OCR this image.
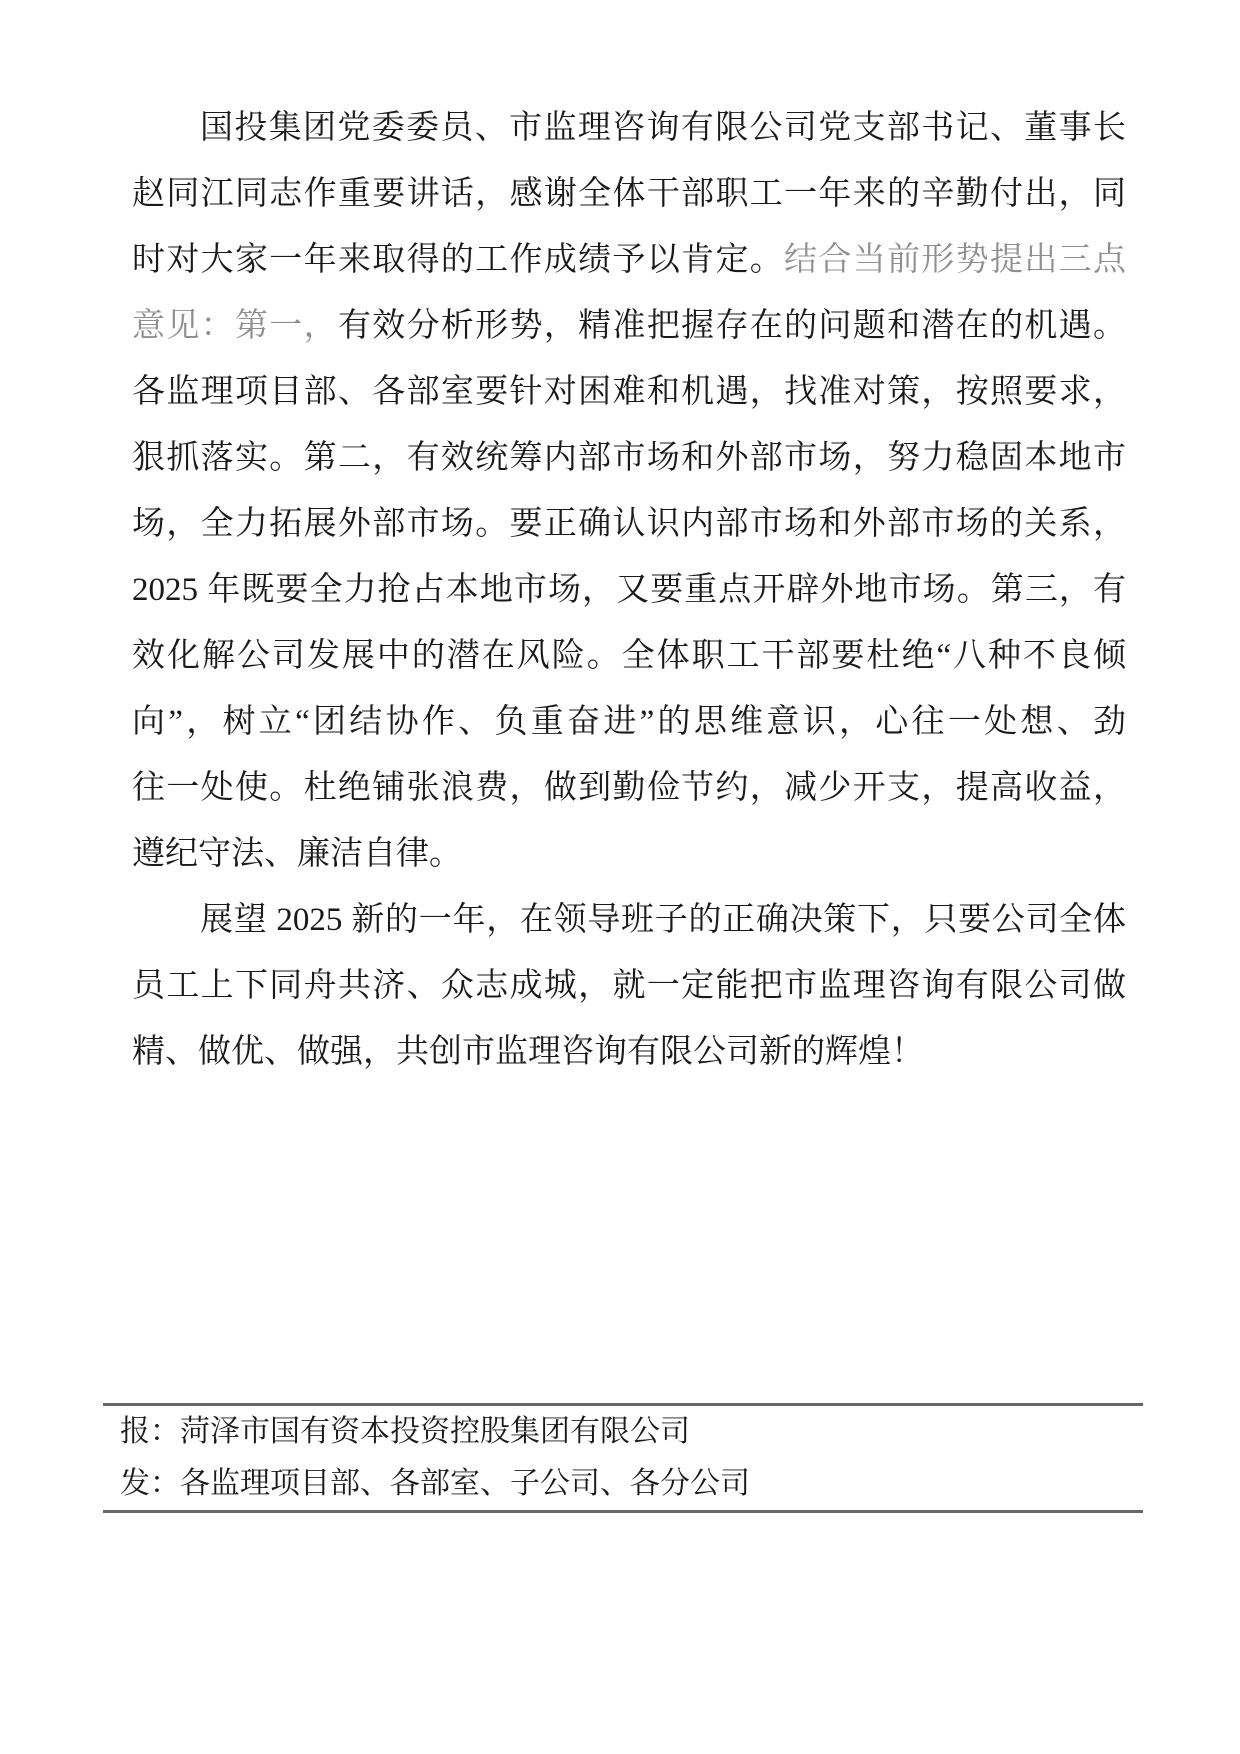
国投集团党委委员、市监理咨询有限公司党支部书记、董事长
赵同江同志作重要讲话，感谢全体干部职工一年来的辛勤付出，同
时对大家一年来取得的工作成绩予以肯定。结合当前形势提出三点
意见：第一，有效分析形势，精准把握存在的问题和潜在的机遇。
各监理项目部、各部室要针对困难和机遇，找准对策，按照要求，
狠抓落实。第二，有效统筹内部市场和外部市场，努力稳固本地市
场，全力拓展外部市场。要正确认识内部市场和外部市场的关系，
2025 年既要全力抢占本地市场，又要重点开辟外地市场。第三，有
效化解公司发展中的潜在风险。全体职工干部要杜绝“八种不良倾
向”，树立“团结协作、负重奋进”的思维意识，心往一处想、劲
往一处使。杜绝铺张浪费，做到勤俭节约，减少开支，提高收益，
遵纪守法、廉洁自律。
展望 2025 新的一年，在领导班子的正确决策下，只要公司全体
员工上下同舟共济、众志成城，就一定能把市监理咨询有限公司做
精、做优、做强，共创市监理咨询有限公司新的辉煌！
报：菏泽市国有资本投资控股集团有限公司
发：各监理项目部、各部室、子公司、各分公司
